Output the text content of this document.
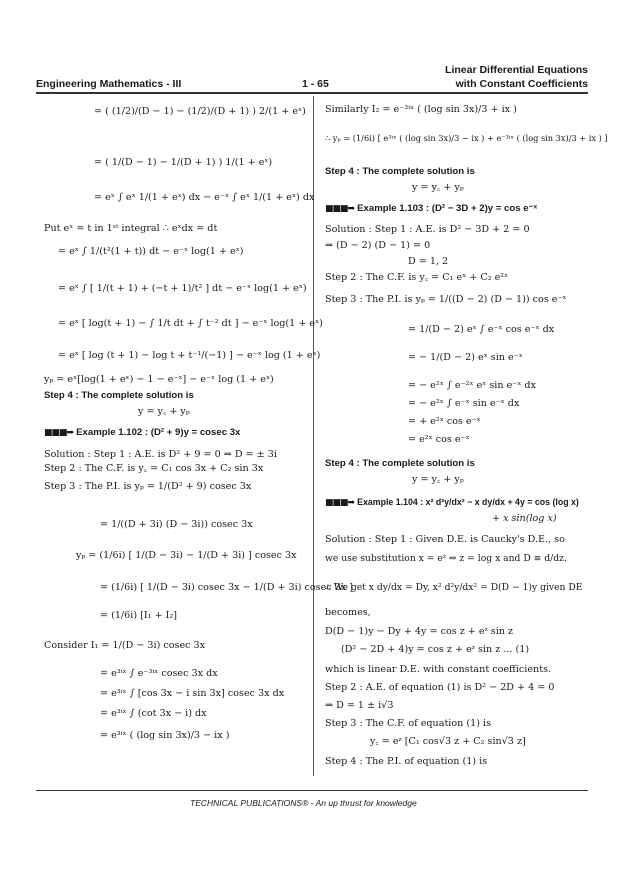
Engineering Mathematics - III	1 - 65
Linear Differential Equations
with Constant Coefficients
= ( (1/2)/(D − 1) − (1/2)/(D + 1) ) 2/(1 + eˣ)
= ( 1/(D − 1) − 1/(D + 1) ) 1/(1 + eˣ)
= eˣ ∫ eˣ 1/(1 + eˣ) dx − e⁻ˣ ∫ eˣ 1/(1 + eˣ) dx
Put eˣ = t in 1ˢᵗ integral ∴ eˣdx = dt
= eˣ ∫ 1/(t²(1 + t)) dt − e⁻ˣ log(1 + eˣ)
= eˣ ∫ [ 1/(t + 1) + (−t + 1)/t² ] dt − e⁻ˣ log(1 + eˣ)
= eˣ [ log(t + 1) − ∫ 1/t dt + ∫ t⁻² dt ] − e⁻ˣ log(1 + eˣ)
= eˣ [ log (t + 1) − log t + t⁻¹/(−1) ] − e⁻ˣ log (1 + eˣ)
yₚ = eˣ[log(1 + eˣ) − 1 − e⁻ˣ] − e⁻ˣ log (1 + eˣ)
Step 4 : The complete solution is
y = y꜀ + yₚ
■■■➡ Example 1.102 : (D² + 9)y = cosec 3x
Solution : Step 1 : A.E. is D² + 9 = 0 ⇒ D = ± 3i
Step 2 : The C.F. is y꜀ = C₁ cos 3x + C₂ sin 3x
Step 3 : The P.I. is yₚ = 1/(D² + 9) cosec 3x
= 1/((D + 3i) (D − 3i)) cosec 3x
yₚ = (1/6i) [ 1/(D − 3i) − 1/(D + 3i) ] cosec 3x
= (1/6i) [ 1/(D − 3i) cosec 3x − 1/(D + 3i) cosec 3x ]
= (1/6i) [I₁ + I₂]
Consider I₁ = 1/(D − 3i) cosec 3x
= e³ⁱˣ ∫ e⁻³ⁱˣ cosec 3x dx
= e³ⁱˣ ∫ [cos 3x − i sin 3x] cosec 3x dx
= e³ⁱˣ ∫ (cot 3x − i) dx
= e³ⁱˣ ( (log sin 3x)/3 − ix )
Similarly I₂ = e⁻³ⁱˣ ( (log sin 3x)/3 + ix )
∴ yₚ = (1/6i) [ e³ⁱˣ ( (log sin 3x)/3 − ix ) + e⁻³ⁱˣ ( (log sin 3x)/3 + ix ) ]
Step 4 : The complete solution is
y = y꜀ + yₚ
■■■➡ Example 1.103 : (D² − 3D + 2)y = cos e⁻ˣ
Solution : Step 1 : A.E. is D² − 3D + 2 = 0
⇒ (D − 2) (D − 1) = 0
D = 1, 2
Step 2 : The C.F. is y꜀ = C₁ eˣ + C₂ e²ˣ
Step 3 : The P.I. is yₚ = 1/((D − 2) (D − 1)) cos e⁻ˣ
= 1/(D − 2) eˣ ∫ e⁻ˣ cos e⁻ˣ dx
= − 1/(D − 2) eˣ sin e⁻ˣ
= − e²ˣ ∫ e⁻²ˣ eˣ sin e⁻ˣ dx
= − e²ˣ ∫ e⁻ˣ sin e⁻ˣ dx
= + e²ˣ cos e⁻ˣ
= e²ˣ cos e⁻ˣ
Step 4 : The complete solution is
y = y꜀ + yₚ
■■■➡ Example 1.104 : x² d²y/dx² − x dy/dx + 4y = cos (log x)
+ x sin(log x)
Solution : Step 1 : Given D.E. is Caucky's D.E., so
we use substitution x = eᶻ ⇒ z = log x and D ≡ d/dz.
∴ We get x dy/dx = Dy, x² d²y/dx² = D(D − 1)y given DE
becomes,
D(D − 1)y − Dy + 4y = cos z + eᶻ sin z
(D² − 2D + 4)y = cos z + eᶻ sin z ... (1)
which is linear D.E. with constant coefficients.
Step 2 : A.E. of equation (1) is D² − 2D + 4 = 0
⇒ D = 1 ± i√3
Step 3 : The C.F. of equation (1) is
y꜀ = eᶻ [C₁ cos√3 z + C₂ sin√3 z]
Step 4 : The P.I. of equation (1) is
TECHNICAL PUBLICATIONS® - An up thrust for knowledge
